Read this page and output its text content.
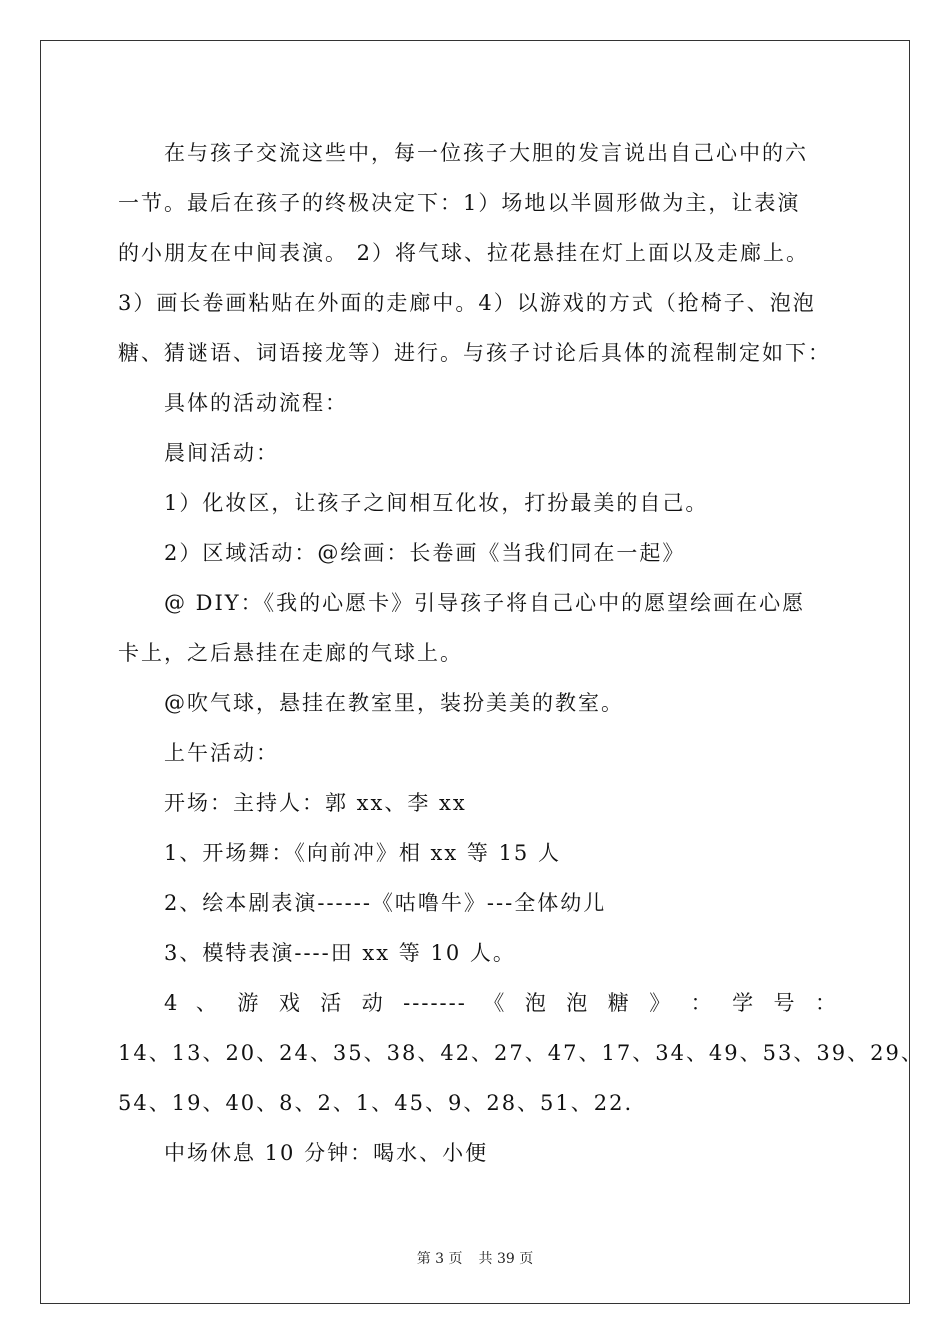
在与孩子交流这些中，每一位孩子大胆的发言说出自己心中的六
一节。最后在孩子的终极决定下：1）场地以半圆形做为主，让表演
的小朋友在中间表演。 2）将气球、拉花悬挂在灯上面以及走廊上。
3）画长卷画粘贴在外面的走廊中。4）以游戏的方式（抢椅子、泡泡
糖、猜谜语、词语接龙等）进行。与孩子讨论后具体的流程制定如下：
具体的活动流程：
晨间活动：
1）化妆区，让孩子之间相互化妆，打扮最美的自己。
2）区域活动：@绘画：长卷画《当我们同在一起》
@ DIY：《我的心愿卡》引导孩子将自己心中的愿望绘画在心愿
卡上，之后悬挂在走廊的气球上。
@吹气球，悬挂在教室里，装扮美美的教室。
上午活动：
开场：主持人：郭 xx、李 xx
1、开场舞：《向前冲》相 xx 等 15 人
2、绘本剧表演------《咕噜牛》---全体幼儿
3、模特表演----田 xx 等 10 人。
4 、 游 戏 活 动 ------- 《 泡 泡 糖 》 ： 学 号 ：
14、13、20、24、35、38、42、27、47、17、34、49、53、39、29、
54、19、40、8、2、1、45、9、28、51、22.
中场休息 10 分钟：喝水、小便
第 3 页 共 39 页
